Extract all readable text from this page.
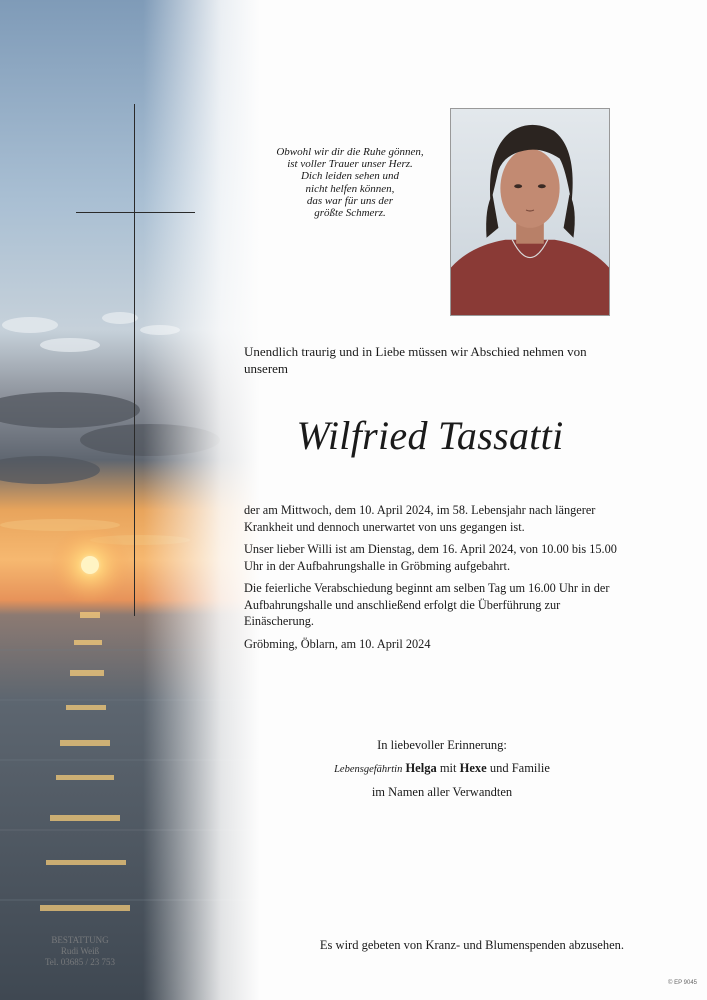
Obwohl wir dir die Ruhe gönnen,
ist voller Trauer unser Herz.
Dich leiden sehen und
nicht helfen können,
das war für uns der
größte Schmerz.
Unendlich traurig und in Liebe müssen wir Abschied nehmen von unserem
Wilfried Tassatti

der am Mittwoch, dem 10. April 2024, im 58. Lebensjahr nach längerer Krankheit und dennoch unerwartet von uns gegangen ist.

Unser lieber Willi ist am Dienstag, dem 16. April 2024, von 10.00 bis 15.00 Uhr in der Aufbahrungshalle in Gröbming aufgebahrt.

Die feierliche Verabschiedung beginnt am selben Tag um 16.00 Uhr in der Aufbahrungshalle und anschließend erfolgt die Überführung zur Einäscherung.

Gröbming, Öblarn, am 10. April 2024

In liebevoller Erinnerung:
Lebensgefährtin Helga mit Hexe und Familie
im Namen aller Verwandten
Es wird gebeten von Kranz- und Blumenspenden abzusehen.
BESTATTUNG
Rudi Weiß
Tel. 03685 / 23 753
© EP 9045
